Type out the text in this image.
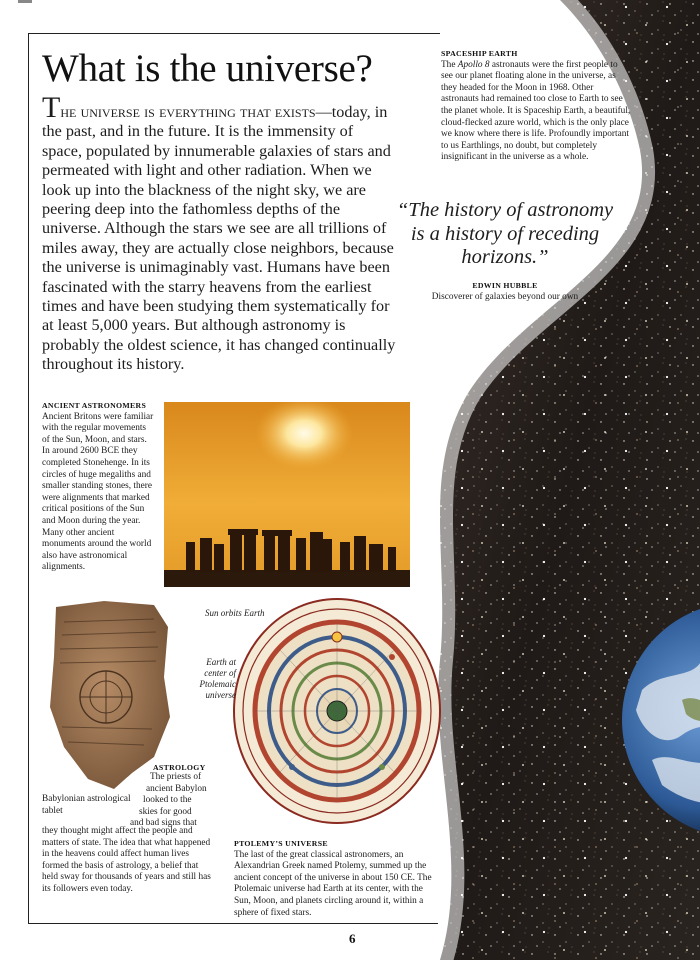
What is the universe?

The universe is everything that exists—today, in the past, and in the future. It is the immensity of space, populated by innumerable galaxies of stars and permeated with light and other radiation. When we look up into the blackness of the night sky, we are peering deep into the fathomless depths of the universe. Although the stars we see are all trillions of miles away, they are actually close neighbors, because the universe is unimaginably vast. Humans have been fascinated with the starry heavens from the earliest times and have been studying them systematically for at least 5,000 years. But although astronomy is probably the oldest science, it has changed continually throughout its history.

SPACESHIP EARTH
The Apollo 8 astronauts were the first people to see our planet floating alone in the universe, as they headed for the Moon in 1968. Other astronauts had remained too close to Earth to see the planet whole. It is Spaceship Earth, a beautiful, cloud-flecked azure world, which is the only place we know where there is life. Profoundly important to us Earthlings, no doubt, but completely insignificant in the universe as a whole.

“The history of astronomy is a history of receding horizons.”

EDWIN HUBBLE
Discoverer of galaxies beyond our own

ANCIENT ASTRONOMERS
Ancient Britons were familiar with the regular movements of the Sun, Moon, and stars. In around 2600 BCE they completed Stonehenge. In its circles of huge megaliths and smaller standing stones, there were alignments that marked critical positions of the Sun and Moon during the year. Many other ancient monuments around the world also have astronomical alignments.

Babylonian astrological tablet

ASTROLOGY

The priests of

ancient Babylon

looked to the

skies for good

and bad signs that

they thought might affect the people and matters of state. The idea that what happened in the heavens could affect human lives formed the basis of astrology, a belief that held sway for thousands of years and still has its followers even today.

Sun orbits Earth
Earth at center of Ptolemaic universe

PTOLEMY’S UNIVERSE
The last of the great classical astronomers, an Alexandrian Greek named Ptolemy, summed up the ancient concept of the universe in about 150 CE. The Ptolemaic universe had Earth at its center, with the Sun, Moon, and planets circling around it, within a sphere of fixed stars.

6
